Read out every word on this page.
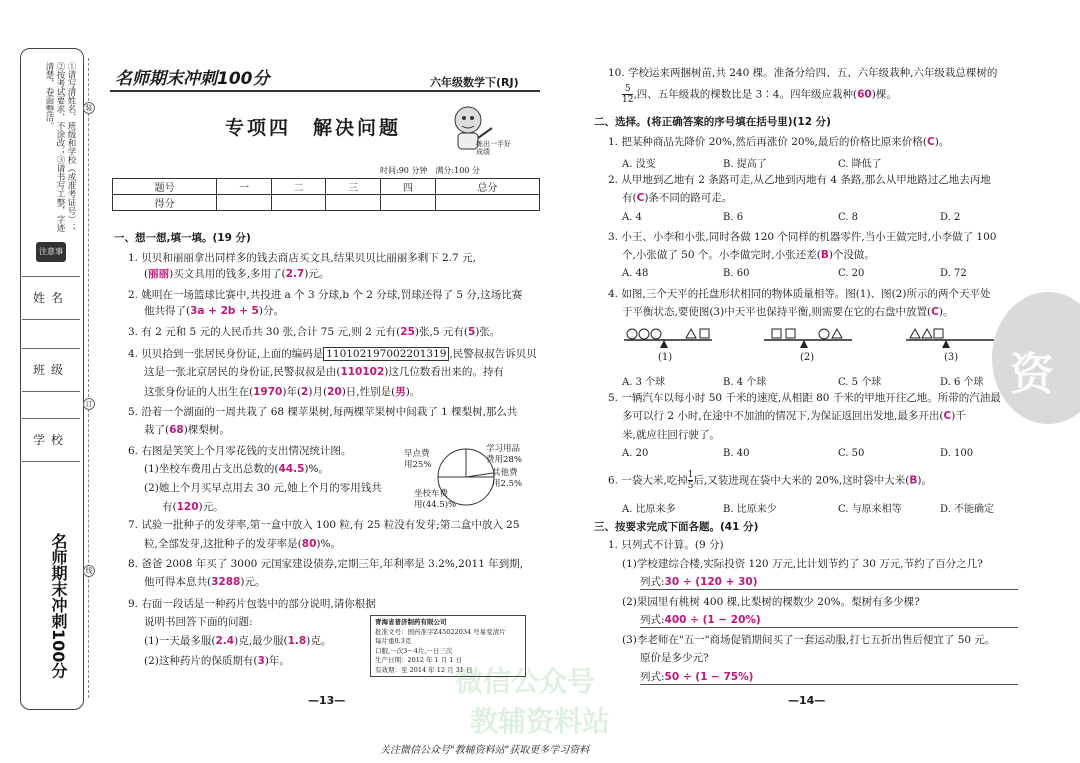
①请写清姓名、班级和学校（或准考证号）；②按考试要求，不涂改；③请书写工整，字迹清楚，卷面整洁。
注意事项
姓名
班级
学校
名师期末冲刺100分
装
订
线
资
微信公众号
教辅资料站
名师期末冲刺100分	六年级数学下(RJ)
专项四　解决问题
练出一手好成绩
时间:90 分钟　满分:100 分
题号	一	二	三	四	总分
得分					
一、想一想,填一填。(19 分)
1. 贝贝和丽丽拿出同样多的钱去商店买文具,结果贝贝比丽丽多剩下 2.7 元,
(丽丽)买文具用的钱多,多用了(2.7)元。
2. 姚明在一场篮球比赛中,共投进 a 个 3 分球,b 个 2 分球,罚球还得了 5 分,这场比赛
他共得了(3a + 2b + 5)分。
3. 有 2 元和 5 元的人民币共 30 张,合计 75 元,则 2 元有(25)张,5 元有(5)张。
4. 贝贝拾到一张居民身份证,上面的编码是 110102197002201319 ,民警叔叔告诉贝贝
这是一张北京居民的身份证,民警叔叔是由(110102)这几位数看出来的。持有
这张身份证的人出生在(1970)年(2)月(20)日,性别是(男)。
5. 沿着一个湖面的一周共栽了 68 棵苹果树,每两棵苹果树中间栽了 1 棵梨树,那么共
栽了(68)棵梨树。
6. 右图是笑笑上个月零花钱的支出情况统计图。
(1)坐校车费用占支出总数的(44.5)%。
(2)她上个月买早点用去 30 元,她上个月的零用钱共
有(120)元。
早点费
用25%
学习用品
费用28%
其他费
用2.5%
坐校车费
用(44.5)%
7. 试验一批种子的发芽率,第一盒中放入 100 粒,有 25 粒没有发芽;第二盒中放入 25
粒,全部发芽,这批种子的发芽率是(80)%。
8. 爸爸 2008 年买了 3000 元国家建设债券,定期三年,年利率是 3.2%,2011 年到期,
他可得本息共(3288)元。
9. 右面一段话是一种药片包装中的部分说明,请你根据
说明书回答下面的问题:
(1)一天最多服(2.4)克,最少服(1.8)克。
(2)这种药片的保质期有(3)年。
青海省普济制药有限公司
批准文号：国药准字Z45022034 号易变清片
每片重0.3克
口服,一次3～4片,一日三次
生产日期：2012 年 1 月 1 日
有效期：至 2014 年 12 月 31 日
—13—
10. 学校运来两捆树苗,共 240 棵。准备分给四、五、六年级栽种,六年级栽总棵树的
$\frac{5}{12}$ ,四、五年级栽的棵数比是 3∶4。四年级应栽种(60)棵。
二、选择。(将正确答案的序号填在括号里)(12 分)
1. 把某种商品先降价 20%,然后再涨价 20%,最后的价格比原来价格(C)。
A. 没变	B. 提高了	C. 降低了
2. 从甲地到乙地有 2 条路可走,从乙地到丙地有 4 条路,那么从甲地路过乙地去丙地
有(C)条不同的路可走。
A. 4	B. 6	C. 8	D. 2
3. 小王、小李和小张,同时各做 120 个同样的机器零件,当小王做完时,小李做了 100
个,小张做了 50 个。小李做完时,小张还差(B)个没做。
A. 48	B. 60	C. 20	D. 72
4. 如图,三个天平的托盘形状相同的物体质量相等。图(1)、图(2)所示的两个天平处
于平衡状态,要使图(3)中天平也保持平衡,则需要在它的右盘中放置(C)。
(1)	(2)	(3)
A. 3 个球	B. 4 个球	C. 5 个球	D. 6 个球
5. 一辆汽车以每小时 50 千米的速度,从相距 80 千米的甲地开往乙地。所带的汽油最
多可以行 2 小时,在途中不加油的情况下,为保证返回出发地,最多开出(C)千
米,就应往回行驶了。
A. 20	B. 40	C. 50	D. 100
6. 一袋大米,吃掉 $\frac{1}{5}$ 后,又装进现在袋中大米的 20%,这时袋中大米(B)。
A. 比原来多	B. 比原来少	C. 与原来相等	D. 不能确定
三、按要求完成下面各题。(41 分)
1. 只列式不计算。(9 分)
(1)学校建综合楼,实际投资 120 万元,比计划节约了 30 万元,节约了百分之几?
列式:30 ÷ (120 + 30)
(2)果园里有桃树 400 棵,比梨树的棵数少 20%。梨树有多少棵?
列式:400 ÷ (1 − 20%)
(3)李老师在"五一"商场促销期间买了一套运动服,打七五折出售后便宜了 50 元。
原价是多少元?
列式:50 ÷ (1 − 75%)
—14—
关注微信公众号"教辅资料站"获取更多学习资料
